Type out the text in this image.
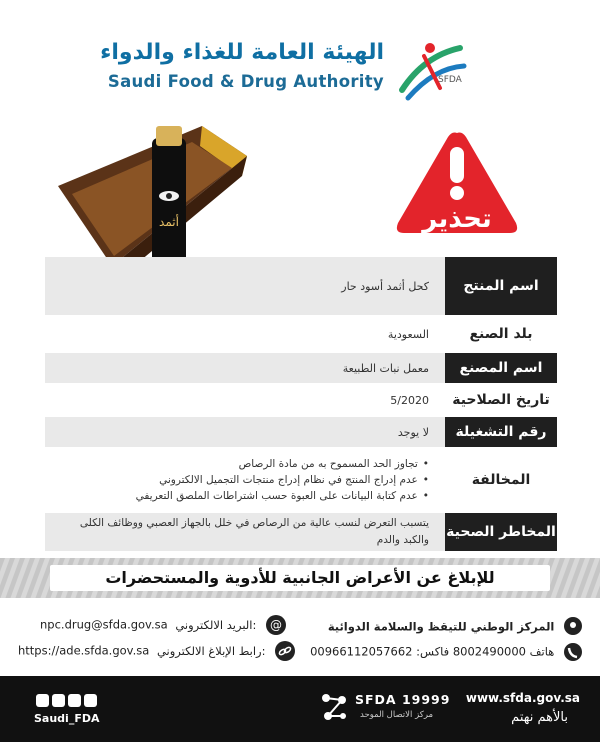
الهيئة العامة للغذاء والدواء
Saudi Food & Drug Authority	SFDA
أثمد	تحذير
اسم المنتج
كحل أثمد أسود حار
بلد الصنع
السعودية
اسم المصنع
معمل نبات الطبيعة
تاريخ الصلاحية
5/2020
رقم التشغيلة
لا يوجد
المخالفة
• تجاوز الحد المسموح به من مادة الرصاص
• عدم إدراج المنتج في نظام إدراج منتجات التجميل الالكتروني
• عدم كتابة البيانات على العبوة حسب اشتراطات الملصق التعريفي
المخاطر الصحية
يتسبب التعرض لنسب عالية من الرصاص في خلل بالجهاز العصبي ووظائف الكلى والكبد والدم
للإبلاغ عن الأعراض الجانبية للأدوية والمستحضرات
المركز الوطني للتيقظ والسلامة الدوائية
هاتف 8002490000 فاكس: 00966112057662
npc.drug@sfda.gov.sa البريد الالكتروني: @
https://ade.sfda.gov.sa رابط الإبلاغ الالكتروني:
www.sfda.gov.sa
بالأهم نهتم
SFDA 19999
مركز الاتصال الموحد
Saudi_FDA
